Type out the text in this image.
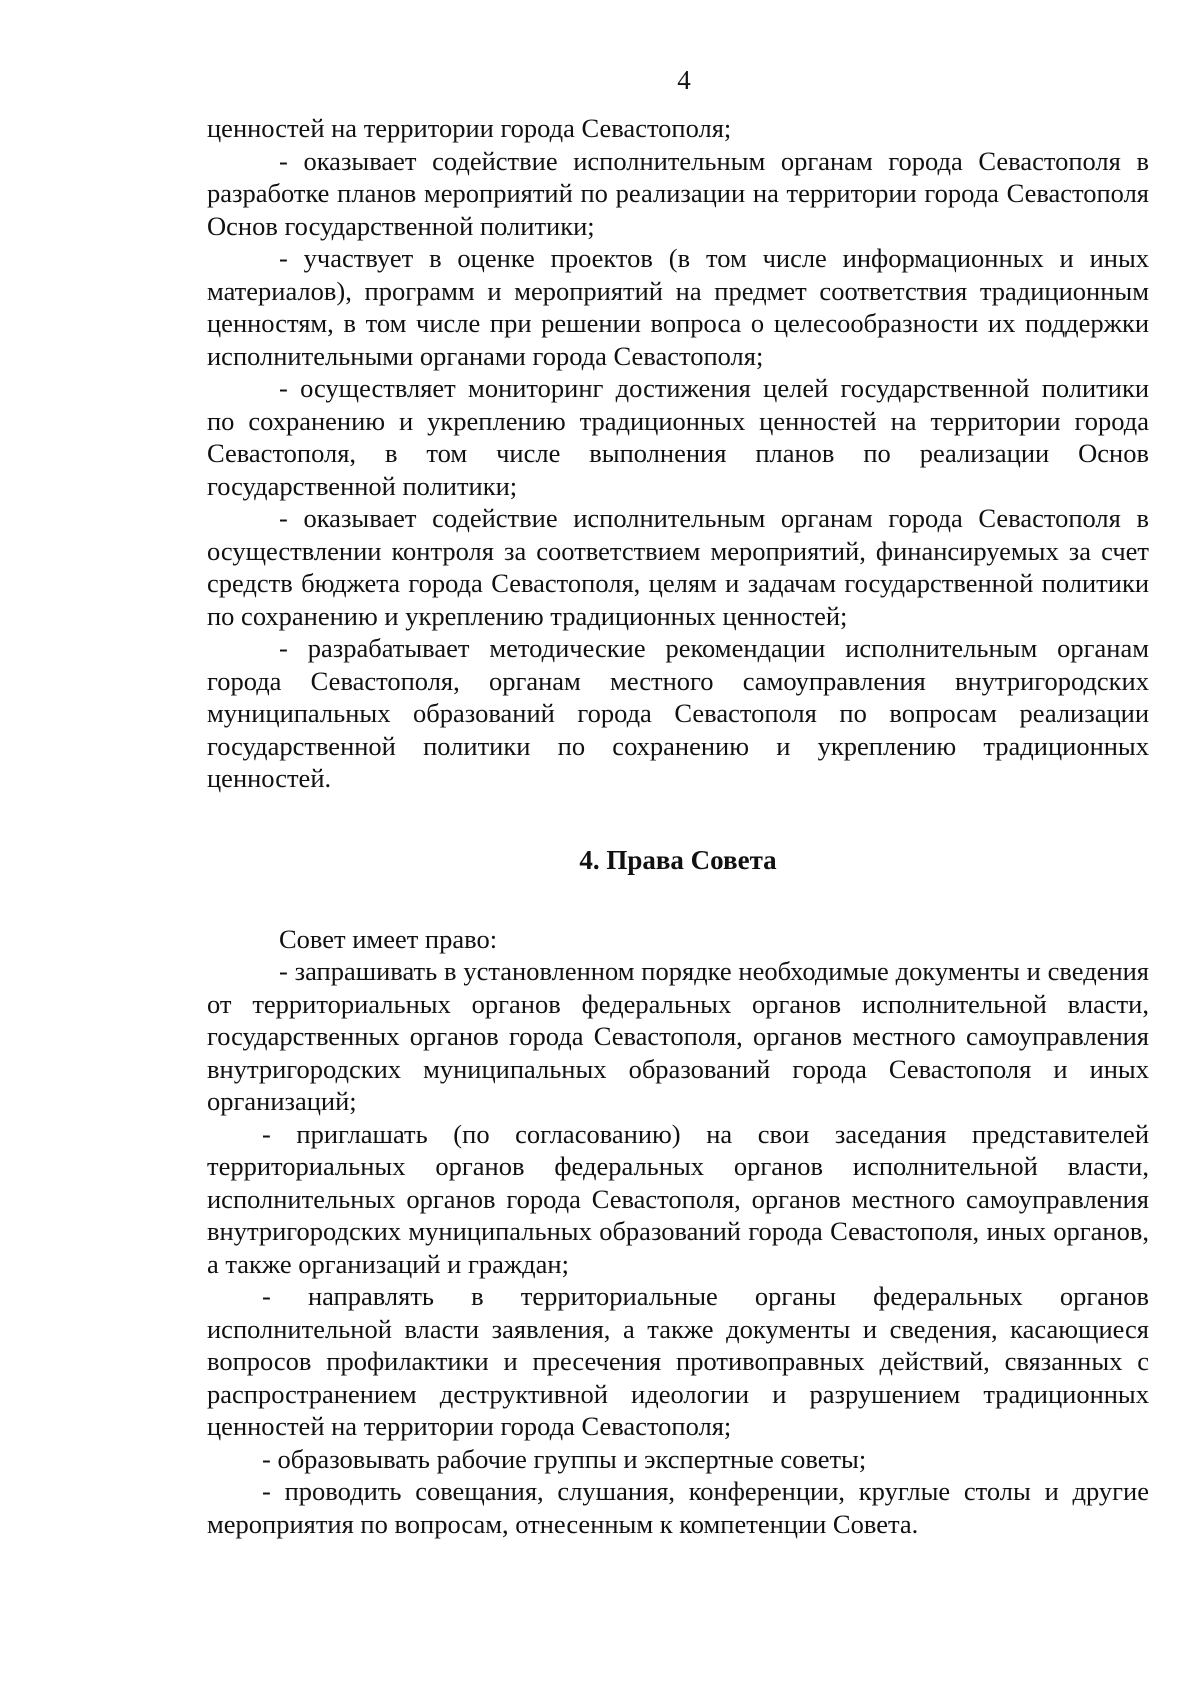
4

ценностей на территории города Севастополя;

- оказывает содействие исполнительным органам города Севастополя в разработке планов мероприятий по реализации на территории города Севастополя Основ государственной политики;

- участвует в оценке проектов (в том числе информационных и иных материалов), программ и мероприятий на предмет соответствия традиционным ценностям, в том числе при решении вопроса о целесообразности их поддержки исполнительными органами города Севастополя;

- осуществляет мониторинг достижения целей государственной политики по сохранению и укреплению традиционных ценностей на территории города Севастополя, в том числе выполнения планов по реализации Основ государственной политики;

- оказывает содействие исполнительным органам города Севастополя в осуществлении контроля за соответствием мероприятий, финансируемых за счет средств бюджета города Севастополя, целям и задачам государственной политики по сохранению и укреплению традиционных ценностей;

- разрабатывает методические рекомендации исполнительным органам города Севастополя, органам местного самоуправления внутригородских муниципальных образований города Севастополя по вопросам реализации государственной политики по сохранению и укреплению традиционных ценностей.

4. Права Совета

Совет имеет право:

- запрашивать в установленном порядке необходимые документы и сведения от территориальных органов федеральных органов исполнительной власти, государственных органов города Севастополя, органов местного самоуправления внутригородских муниципальных образований города Севастополя и иных организаций;

- приглашать (по согласованию) на свои заседания представителей территориальных органов федеральных органов исполнительной власти, исполнительных органов города Севастополя, органов местного самоуправления внутригородских муниципальных образований города Севастополя, иных органов, а также организаций и граждан;

- направлять в территориальные органы федеральных органов исполнительной власти заявления, а также документы и сведения, касающиеся вопросов профилактики и пресечения противоправных действий, связанных с распространением деструктивной идеологии и разрушением традиционных ценностей на территории города Севастополя;

- образовывать рабочие группы и экспертные советы;

- проводить совещания, слушания, конференции, круглые столы и другие мероприятия по вопросам, отнесенным к компетенции Совета.
